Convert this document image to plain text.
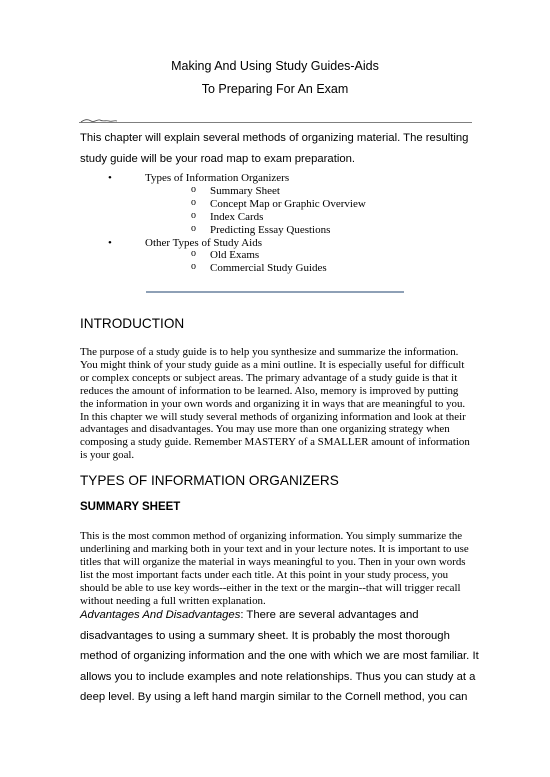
Making And Using Study Guides-Aids
To Preparing For An Exam
This chapter will explain several methods of organizing material. The resulting
study guide will be your road map to exam preparation.
• Types of Information Organizers
o Summary Sheet
o Concept Map or Graphic Overview
o Index Cards
o Predicting Essay Questions
• Other Types of Study Aids
o Old Exams
o Commercial Study Guides
INTRODUCTION
The purpose of a study guide is to help you synthesize and summarize the information.
You might think of your study guide as a mini outline. It is especially useful for difficult
or complex concepts or subject areas. The primary advantage of a study guide is that it
reduces the amount of information to be learned. Also, memory is improved by putting
the information in your own words and organizing it in ways that are meaningful to you.
In this chapter we will study several methods of organizing information and look at their
advantages and disadvantages. You may use more than one organizing strategy when
composing a study guide. Remember MASTERY of a SMALLER amount of information
is your goal.
TYPES OF INFORMATION ORGANIZERS
SUMMARY SHEET
This is the most common method of organizing information. You simply summarize the
underlining and marking both in your text and in your lecture notes. It is important to use
titles that will organize the material in ways meaningful to you. Then in your own words
list the most important facts under each title. At this point in your study process, you
should be able to use key words--either in the text or the margin--that will trigger recall
without needing a full written explanation.
Advantages And Disadvantages: There are several advantages and
disadvantages to using a summary sheet. It is probably the most thorough
method of organizing information and the one with which we are most familiar. It
allows you to include examples and note relationships. Thus you can study at a
deep level. By using a left hand margin similar to the Cornell method, you can
